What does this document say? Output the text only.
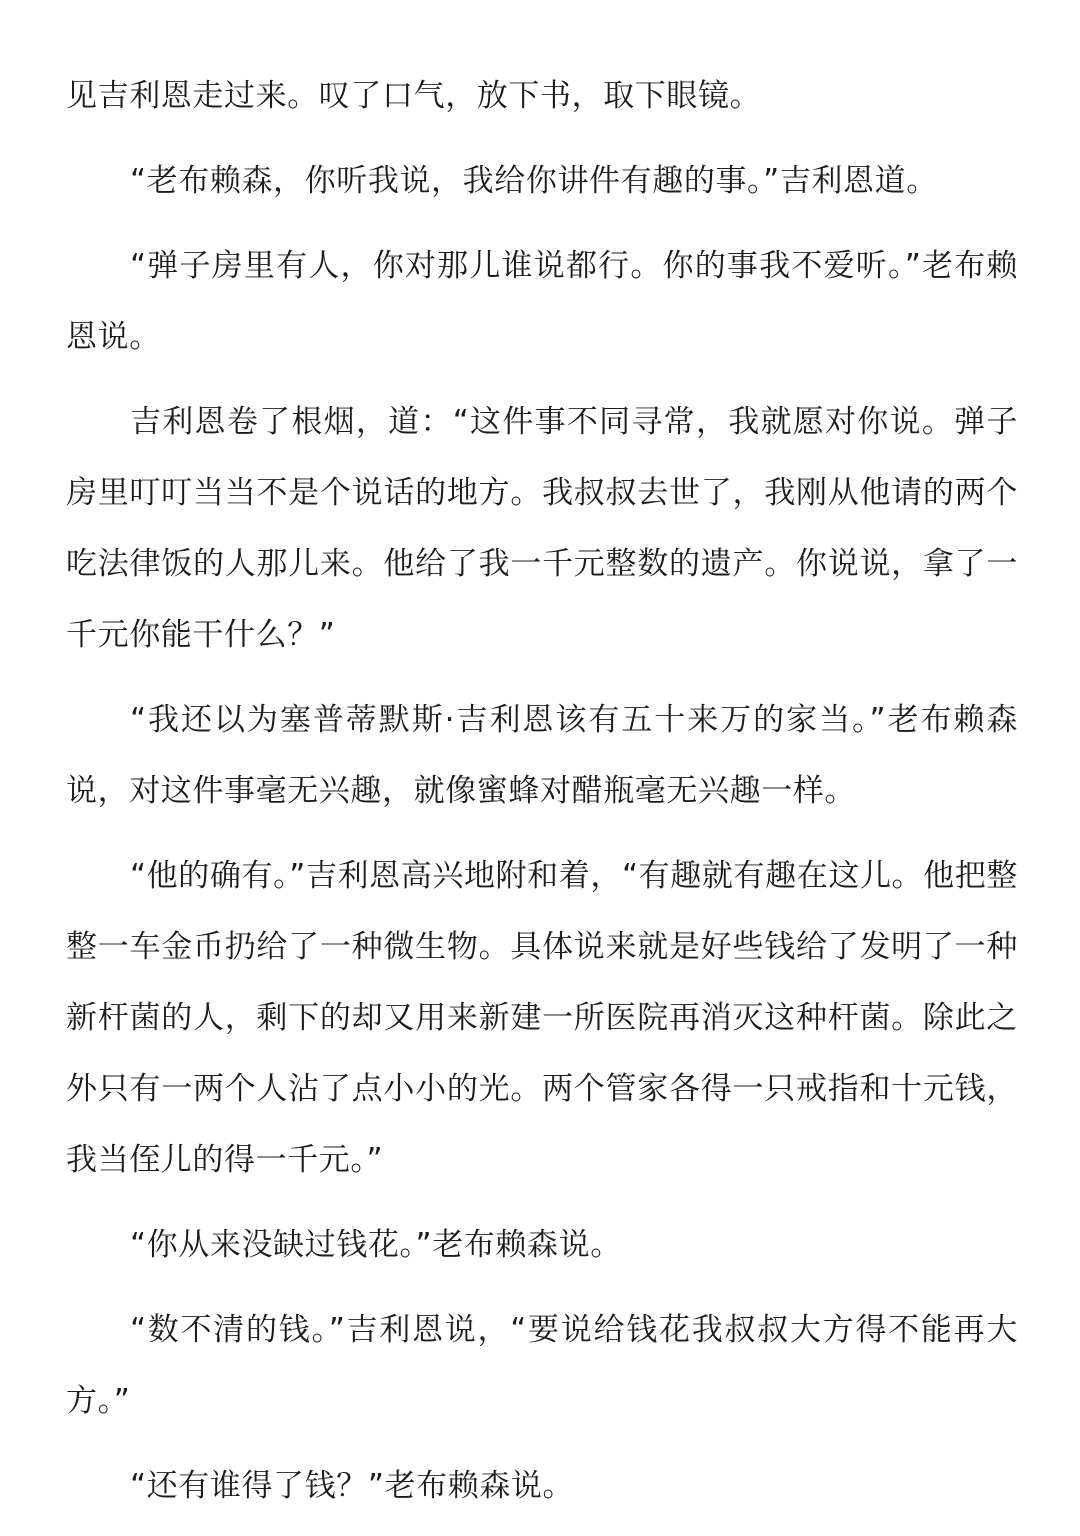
见吉利恩走过来。叹了口气，放下书，取下眼镜。

“老布赖森，你听我说，我给你讲件有趣的事。”吉利恩道。

“弹子房里有人，你对那儿谁说都行。你的事我不爱听。”老布赖恩说。

吉利恩卷了根烟，道：“这件事不同寻常，我就愿对你说。弹子房里叮叮当当不是个说话的地方。我叔叔去世了，我刚从他请的两个吃法律饭的人那儿来。他给了我一千元整数的遗产。你说说，拿了一千元你能干什么？”

“我还以为塞普蒂默斯·吉利恩该有五十来万的家当。”老布赖森说，对这件事毫无兴趣，就像蜜蜂对醋瓶毫无兴趣一样。

“他的确有。”吉利恩高兴地附和着，“有趣就有趣在这儿。他把整整一车金币扔给了一种微生物。具体说来就是好些钱给了发明了一种新杆菌的人，剩下的却又用来新建一所医院再消灭这种杆菌。除此之外只有一两个人沾了点小小的光。两个管家各得一只戒指和十元钱，我当侄儿的得一千元。”

“你从来没缺过钱花。”老布赖森说。

“数不清的钱。”吉利恩说，“要说给钱花我叔叔大方得不能再大方。”

“还有谁得了钱？”老布赖森说。
